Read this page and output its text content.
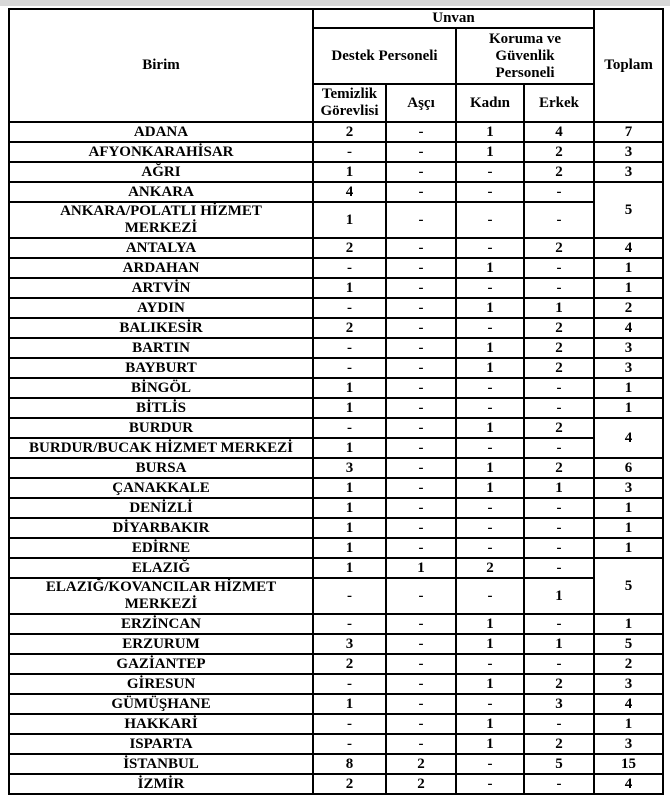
Birim	Unvan				Toplam
	Destek Personeli		Koruma ve Güvenlik Personeli		
	Temizlik Görevlisi	Aşçı	Kadın	Erkek	
ADANA	2	-	1	4	7
AFYONKARAHİSAR	-	-	1	2	3
AĞRI	1	-	-	2	3
ANKARA	4	-	-	-	5
ANKARA/POLATLI HİZMET MERKEZİ	1	-	-	-	
ANTALYA	2	-	-	2	4
ARDAHAN	-	-	1	-	1
ARTVİN	1	-	-	-	1
AYDIN	-	-	1	1	2
BALIKESİR	2	-	-	2	4
BARTIN	-	-	1	2	3
BAYBURT	-	-	1	2	3
BİNGÖL	1	-	-	-	1
BİTLİS	1	-	-	-	1
BURDUR	-	-	1	2	4
BURDUR/BUCAK HİZMET MERKEZİ	1	-	-	-	
BURSA	3	-	1	2	6
ÇANAKKALE	1	-	1	1	3
DENİZLİ	1	-	-	-	1
DİYARBAKIR	1	-	-	-	1
EDİRNE	1	-	-	-	1
ELAZIĞ	1	1	2	-	5
ELAZIĞ/KOVANCILAR HİZMET MERKEZİ	-	-	-	1	
ERZİNCAN	-	-	1	-	1
ERZURUM	3	-	1	1	5
GAZİANTEP	2	-	-	-	2
GİRESUN	-	-	1	2	3
GÜMÜŞHANE	1	-	-	3	4
HAKKARİ	-	-	1	-	1
ISPARTA	-	-	1	2	3
İSTANBUL	8	2	-	5	15
İZMİR	2	2	-	-	4
